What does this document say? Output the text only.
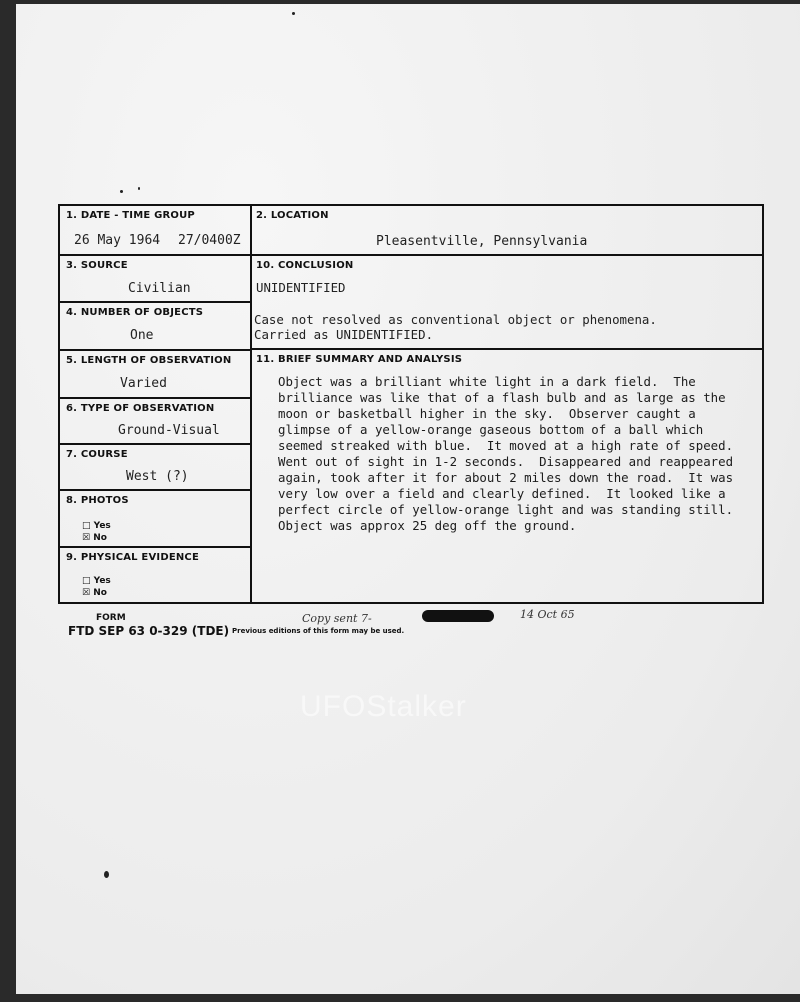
1. DATE - TIME GROUP
26 May 1964 27/0400Z
3. SOURCE
Civilian
4. NUMBER OF OBJECTS
One
5. LENGTH OF OBSERVATION
Varied
6. TYPE OF OBSERVATION
Ground-Visual
7. COURSE
West (?)
8. PHOTOS
□ Yes
☒ No
9. PHYSICAL EVIDENCE
□ Yes
☒ No
2. LOCATION
Pleasentville, Pennsylvania
10. CONCLUSION
UNIDENTIFIED
Case not resolved as conventional object or phenomena.
Carried as UNIDENTIFIED.
11. BRIEF SUMMARY AND ANALYSIS
Object was a brilliant white light in a dark field.  The
brilliance was like that of a flash bulb and as large as the
moon or basketball higher in the sky.  Observer caught a
glimpse of a yellow-orange gaseous bottom of a ball which
seemed streaked with blue.  It moved at a high rate of speed.
Went out of sight in 1-2 seconds.  Disappeared and reappeared
again, took after it for about 2 miles down the road.  It was
very low over a field and clearly defined.  It looked like a
perfect circle of yellow-orange light and was standing still.
Object was approx 25 deg off the ground.
FORM
FTD SEP 63 0-329 (TDE) Previous editions of this form may be used.
Copy sent 7-	14 Oct 65
UFOStalker
